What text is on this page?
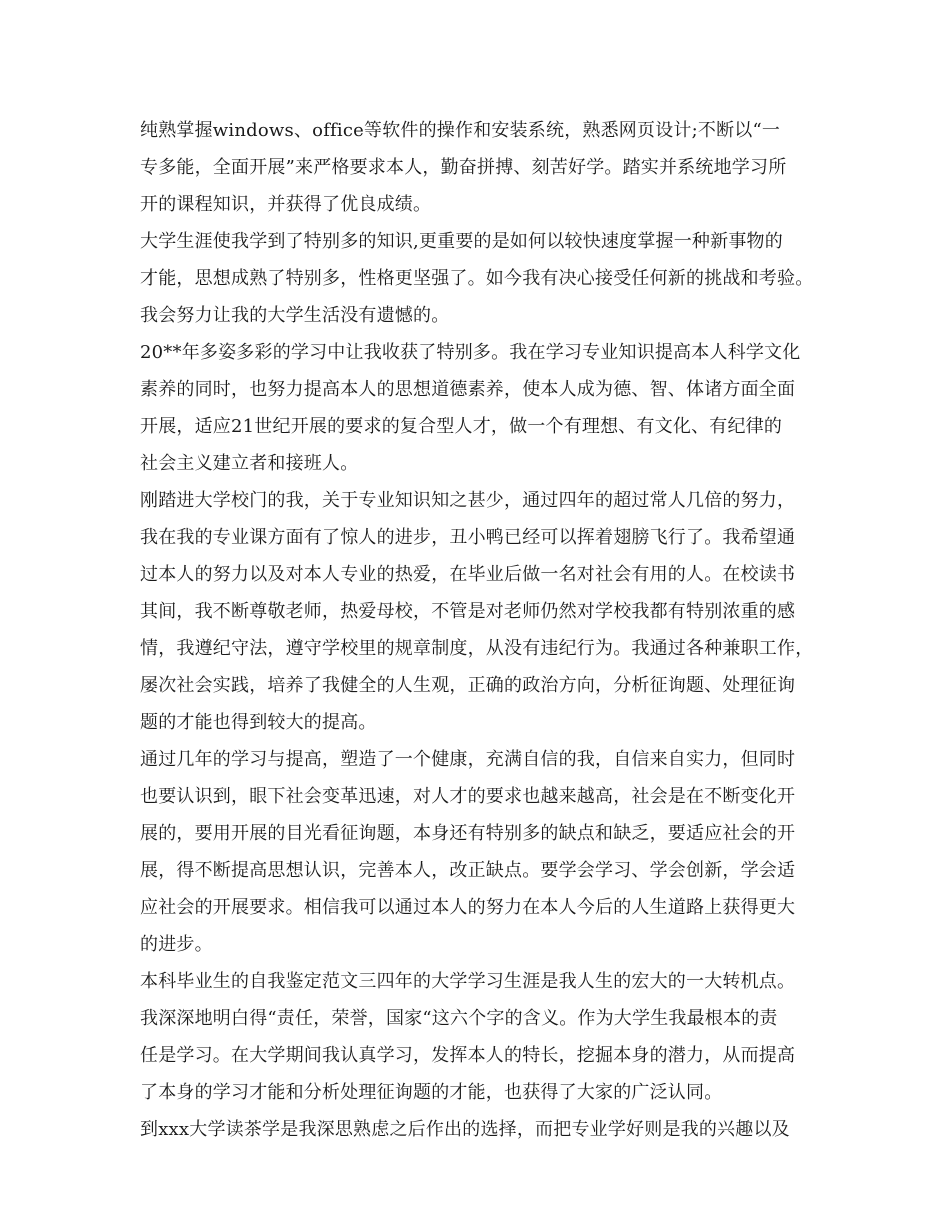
纯熟掌握windows、office等软件的操作和安装系统，熟悉网页设计;不断以“一
专多能，全面开展”来严格要求本人，勤奋拼搏、刻苦好学。踏实并系统地学习所
开的课程知识，并获得了优良成绩。
大学生涯使我学到了特别多的知识,更重要的是如何以较快速度掌握一种新事物的
才能，思想成熟了特别多，性格更坚强了。如今我有决心接受任何新的挑战和考验。
我会努力让我的大学生活没有遗憾的。
20**年多姿多彩的学习中让我收获了特别多。我在学习专业知识提高本人科学文化
素养的同时，也努力提高本人的思想道德素养，使本人成为德、智、体诸方面全面
开展，适应21世纪开展的要求的复合型人才，做一个有理想、有文化、有纪律的
社会主义建立者和接班人。
刚踏进大学校门的我，关于专业知识知之甚少，通过四年的超过常人几倍的努力，
我在我的专业课方面有了惊人的进步，丑小鸭已经可以挥着翅膀飞行了。我希望通
过本人的努力以及对本人专业的热爱，在毕业后做一名对社会有用的人。在校读书
其间，我不断尊敬老师，热爱母校，不管是对老师仍然对学校我都有特别浓重的感
情，我遵纪守法，遵守学校里的规章制度，从没有违纪行为。我通过各种兼职工作，
屡次社会实践，培养了我健全的人生观，正确的政治方向，分析征询题、处理征询
题的才能也得到较大的提高。
通过几年的学习与提高，塑造了一个健康，充满自信的我，自信来自实力，但同时
也要认识到，眼下社会变革迅速，对人才的要求也越来越高，社会是在不断变化开
展的，要用开展的目光看征询题，本身还有特别多的缺点和缺乏，要适应社会的开
展，得不断提高思想认识，完善本人，改正缺点。要学会学习、学会创新，学会适
应社会的开展要求。相信我可以通过本人的努力在本人今后的人生道路上获得更大
的进步。
本科毕业生的自我鉴定范文三四年的大学学习生涯是我人生的宏大的一大转机点。
我深深地明白得“责任，荣誉，国家“这六个字的含义。作为大学生我最根本的责
任是学习。在大学期间我认真学习，发挥本人的特长，挖掘本身的潜力，从而提高
了本身的学习才能和分析处理征询题的才能，也获得了大家的广泛认同。
到xxx大学读茶学是我深思熟虑之后作出的选择，而把专业学好则是我的兴趣以及
